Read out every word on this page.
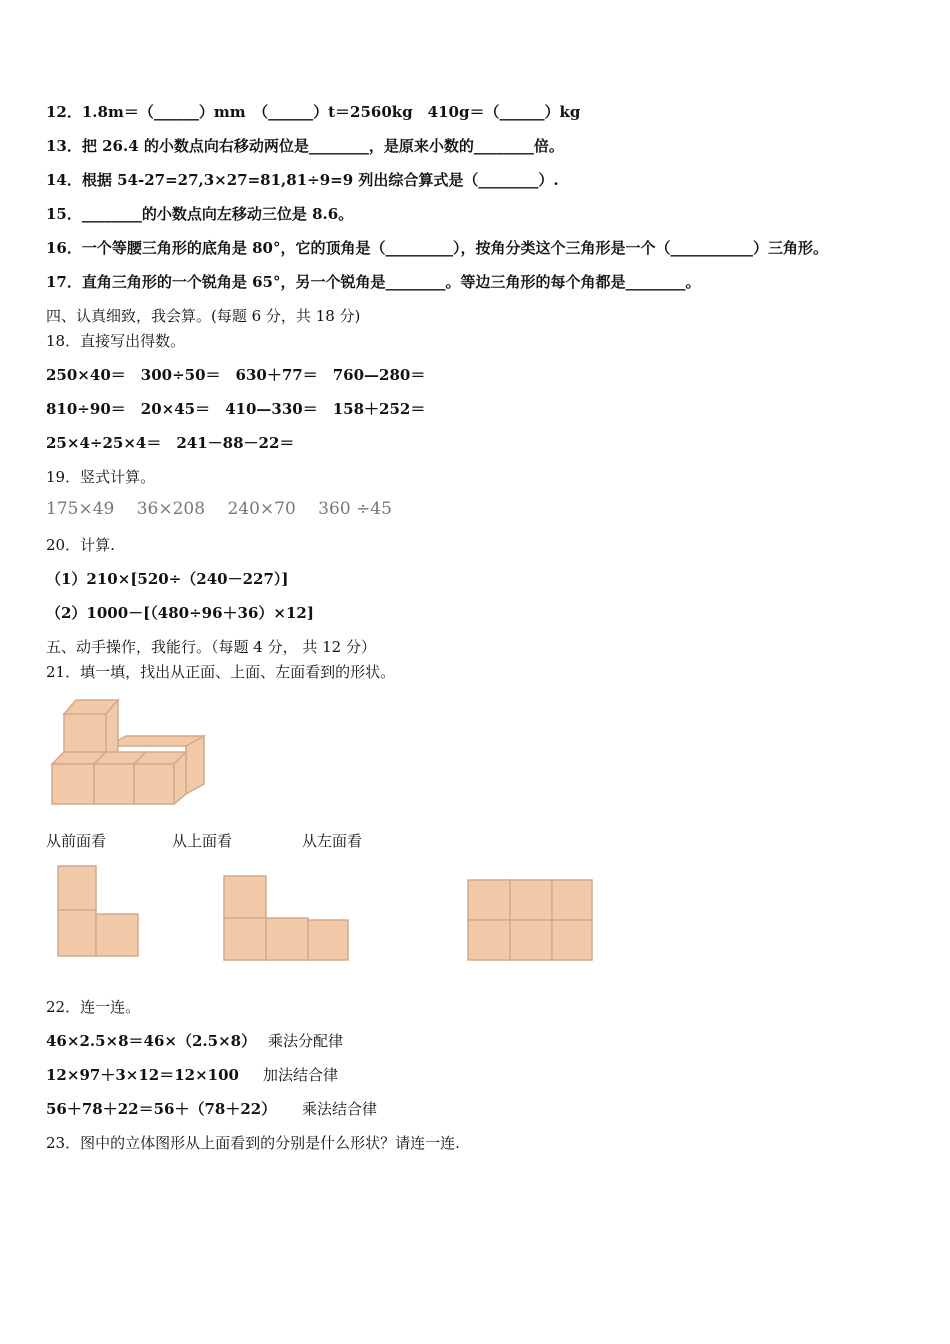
12．1.8m＝（______）mm　（______）t＝2560kg　410g＝（______）kg
13．把 26.4 的小数点向右移动两位是________，是原来小数的________倍。
14．根据 54-27=27,3×27=81,81÷9=9 列出综合算式是（________）.
15．________的小数点向左移动三位是 8.6。
16．一个等腰三角形的底角是 80°，它的顶角是（_________），按角分类这个三角形是一个（___________）三角形。
17．直角三角形的一个锐角是 65°，另一个锐角是________。等边三角形的每个角都是________。
四、认真细致，我会算。(每题 6 分，共 18 分)
18．直接写出得数。
250×40＝　300÷50＝　630＋77＝　760—280＝
810÷90＝　20×45＝　410—330＝　158＋252＝
25×4÷25×4＝　241－88－22＝
19．竖式计算。
175×49　 36×208　 240×70　 360 ÷45
20．计算.
（1）210×[520÷（240－227）]
（2）1000－[（480÷96＋36）×12]
五、动手操作，我能行。（每题 4 分， 共 12 分）
21．填一填，找出从正面、上面、左面看到的形状。
从前面看	从上面看	从左面看
22．连一连。
46×2.5×8＝46×（2.5×8） 乘法分配律
12×97＋3×12＝12×100 加法结合律
56＋78＋22＝56＋（78＋22） 乘法结合律
23．图中的立体图形从上面看到的分别是什么形状？请连一连.
